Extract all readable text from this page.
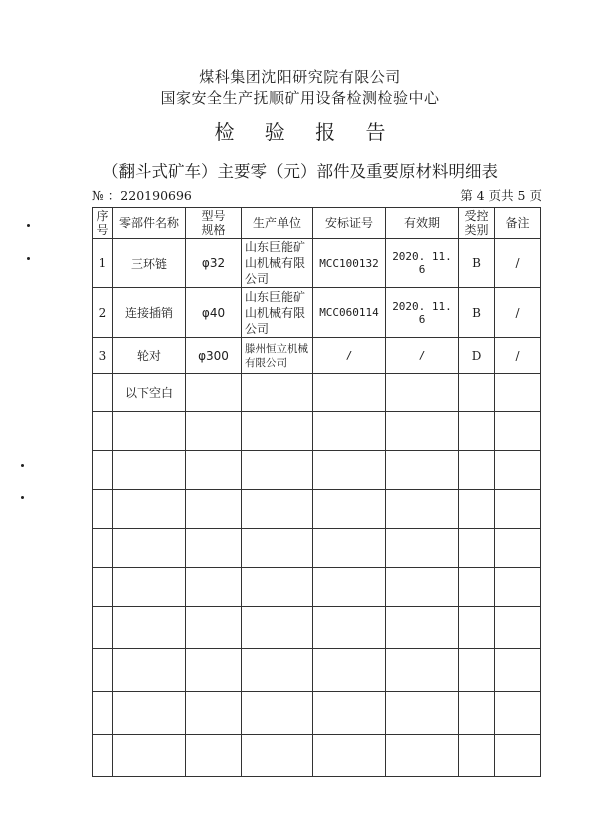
煤科集团沈阳研究院有限公司
国家安全生产抚顺矿用设备检测检验中心
检 验 报 告
（翻斗式矿车）主要零（元）部件及重要原材料明细表
№ ：220190696	第 4 页共 5 页
序
号	零部件名称	型号
规格	生产单位	安标证号	有效期	受控
类别	备注

1	三环链	φ32	山东巨能矿山机械有限公司	MCC100132	2020. 11. 6	B	/
2	连接插销	φ40	山东巨能矿山机械有限公司	MCC060114	2020. 11. 6	B	/
3	轮对	φ300	滕州恒立机械有限公司	/	/	D	/
	以下空白						
